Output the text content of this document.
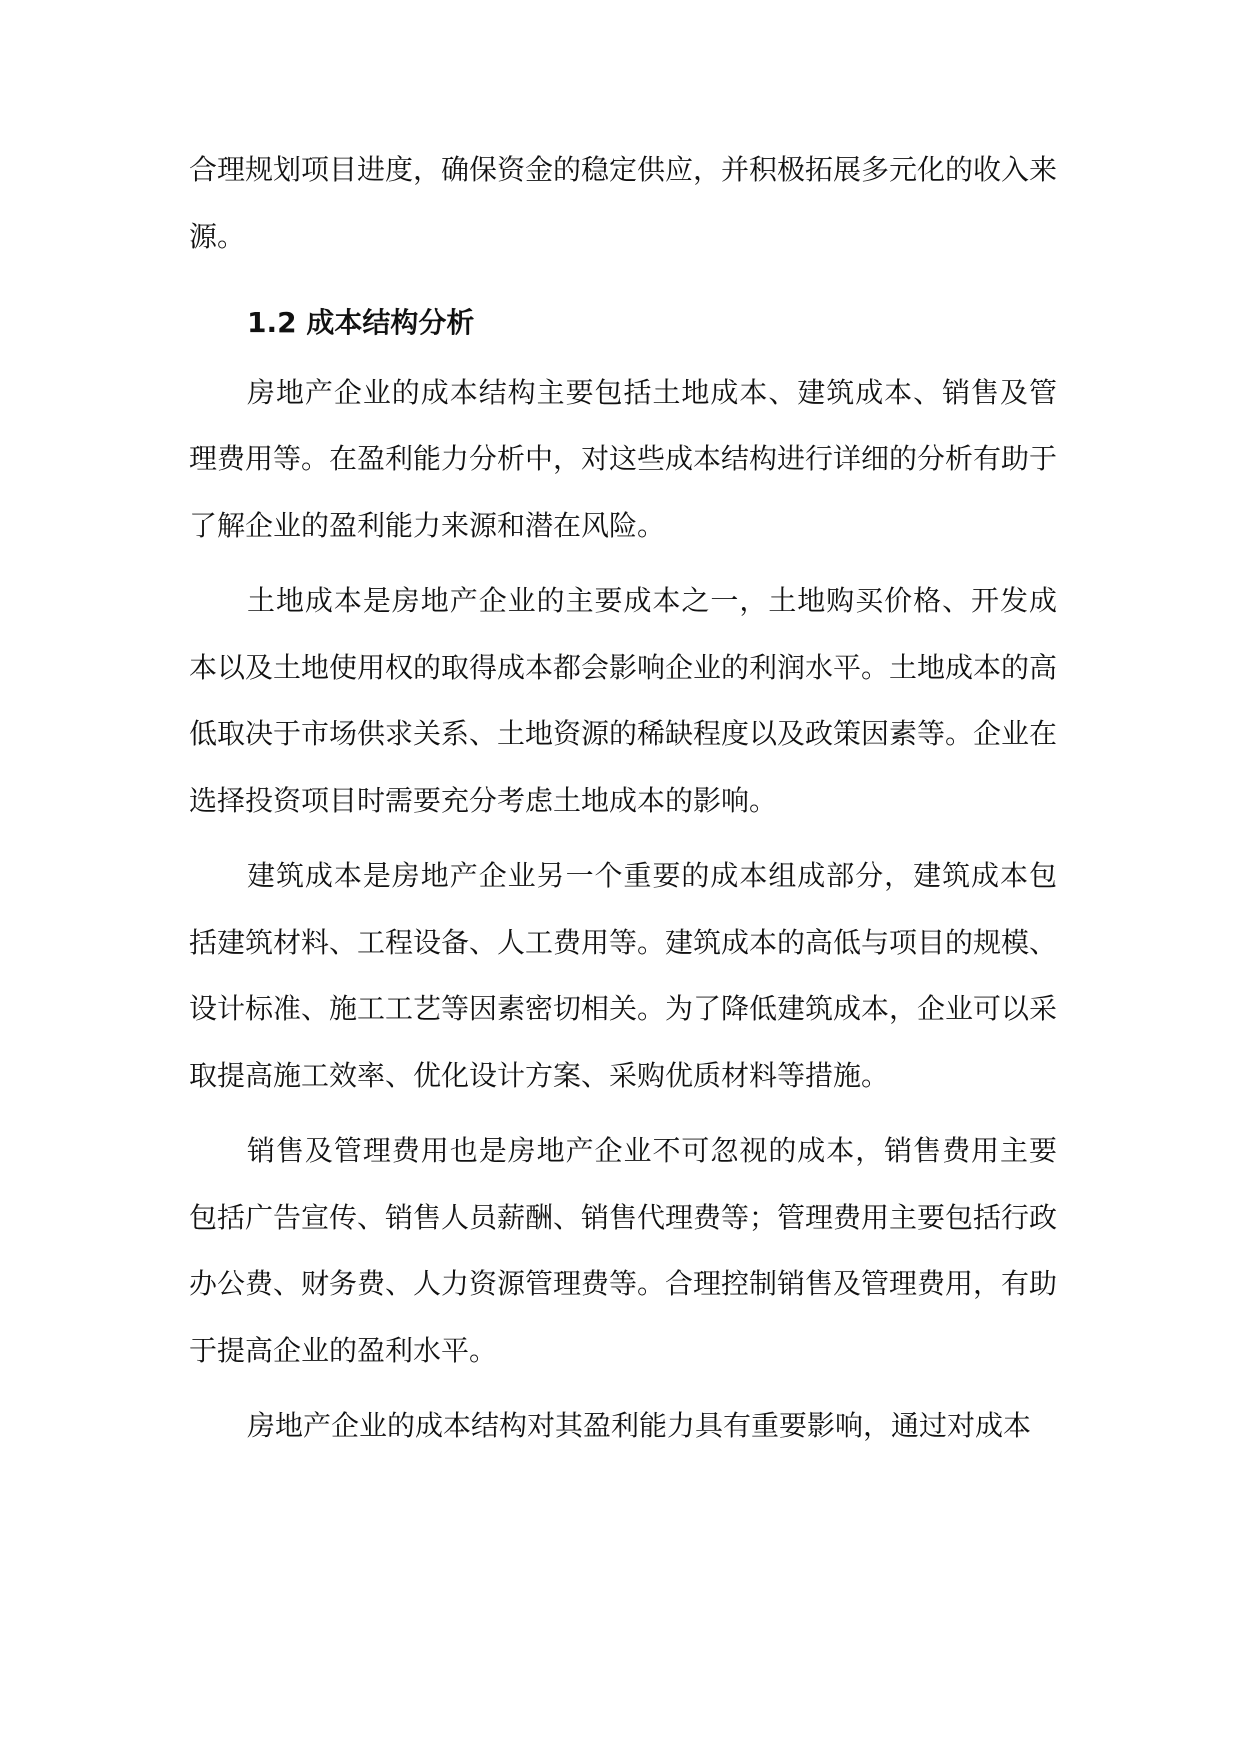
合理规划项目进度，确保资金的稳定供应，并积极拓展多元化的收入来源。

1.2 成本结构分析

房地产企业的成本结构主要包括土地成本、建筑成本、销售及管理费用等。在盈利能力分析中，对这些成本结构进行详细的分析有助于了解企业的盈利能力来源和潜在风险。

土地成本是房地产企业的主要成本之一，土地购买价格、开发成本以及土地使用权的取得成本都会影响企业的利润水平。土地成本的高低取决于市场供求关系、土地资源的稀缺程度以及政策因素等。企业在选择投资项目时需要充分考虑土地成本的影响。

建筑成本是房地产企业另一个重要的成本组成部分，建筑成本包括建筑材料、工程设备、人工费用等。建筑成本的高低与项目的规模、设计标准、施工工艺等因素密切相关。为了降低建筑成本，企业可以采取提高施工效率、优化设计方案、采购优质材料等措施。

销售及管理费用也是房地产企业不可忽视的成本，销售费用主要包括广告宣传、销售人员薪酬、销售代理费等；管理费用主要包括行政办公费、财务费、人力资源管理费等。合理控制销售及管理费用，有助于提高企业的盈利水平。

房地产企业的成本结构对其盈利能力具有重要影响，通过对成本
